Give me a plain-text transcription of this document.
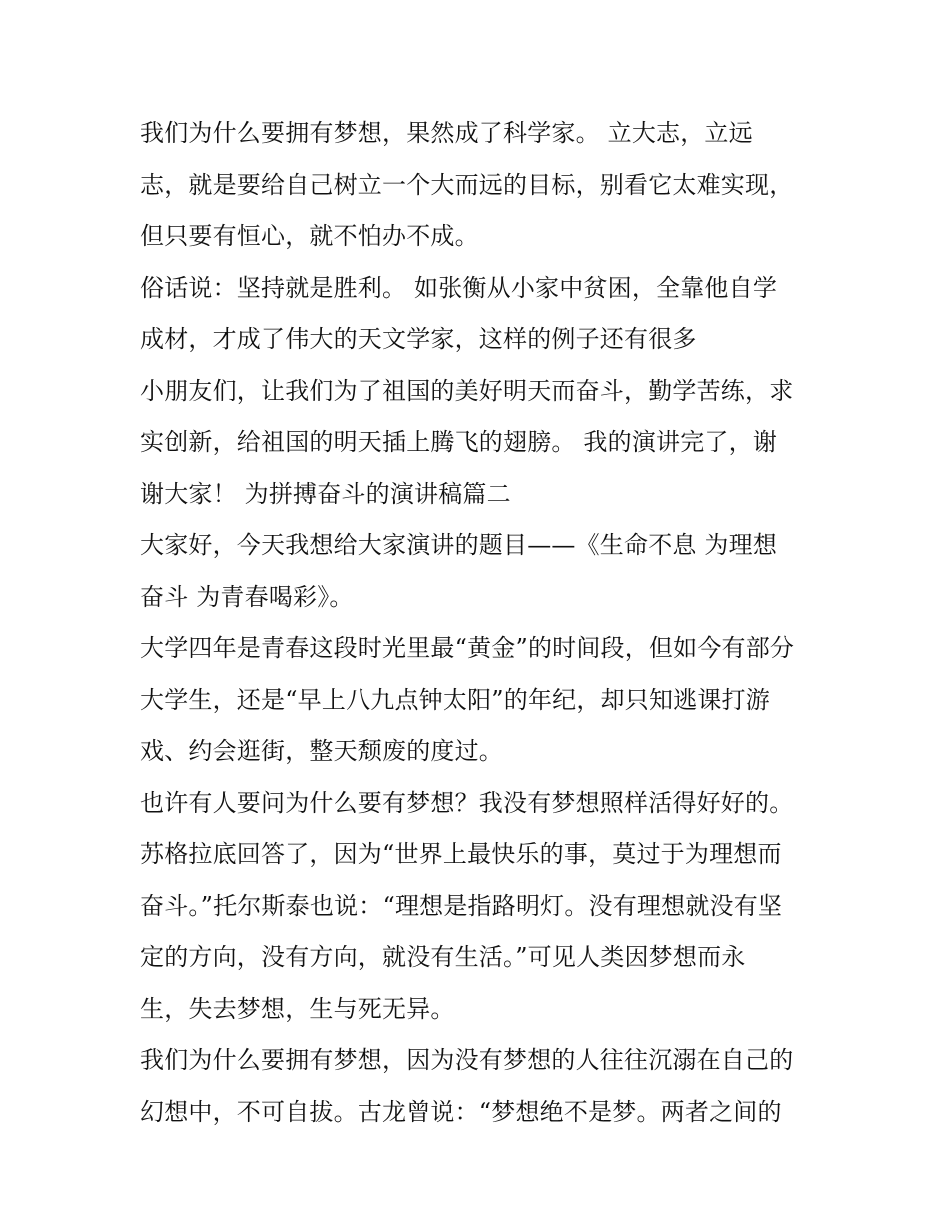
我们为什么要拥有梦想，果然成了科学家。 立大志，立远
志，就是要给自己树立一个大而远的目标，别看它太难实现，
但只要有恒心，就不怕办不成。
俗话说：坚持就是胜利。 如张衡从小家中贫困，全靠他自学
成材，才成了伟大的天文学家，这样的例子还有很多
小朋友们，让我们为了祖国的美好明天而奋斗，勤学苦练，求
实创新，给祖国的明天插上腾飞的翅膀。 我的演讲完了，谢
谢大家！ 为拼搏奋斗的演讲稿篇二
大家好，今天我想给大家演讲的题目——《生命不息 为理想
奋斗 为青春喝彩》。
大学四年是青春这段时光里最“黄金”的时间段，但如今有部分
大学生，还是“早上八九点钟太阳”的年纪，却只知逃课打游
戏、约会逛街，整天颓废的度过。
也许有人要问为什么要有梦想？我没有梦想照样活得好好的。
苏格拉底回答了，因为“世界上最快乐的事，莫过于为理想而
奋斗。”托尔斯泰也说：“理想是指路明灯。没有理想就没有坚
定的方向，没有方向，就没有生活。”可见人类因梦想而永
生，失去梦想，生与死无异。
我们为什么要拥有梦想，因为没有梦想的人往往沉溺在自己的
幻想中，不可自拔。古龙曾说：“梦想绝不是梦。两者之间的
